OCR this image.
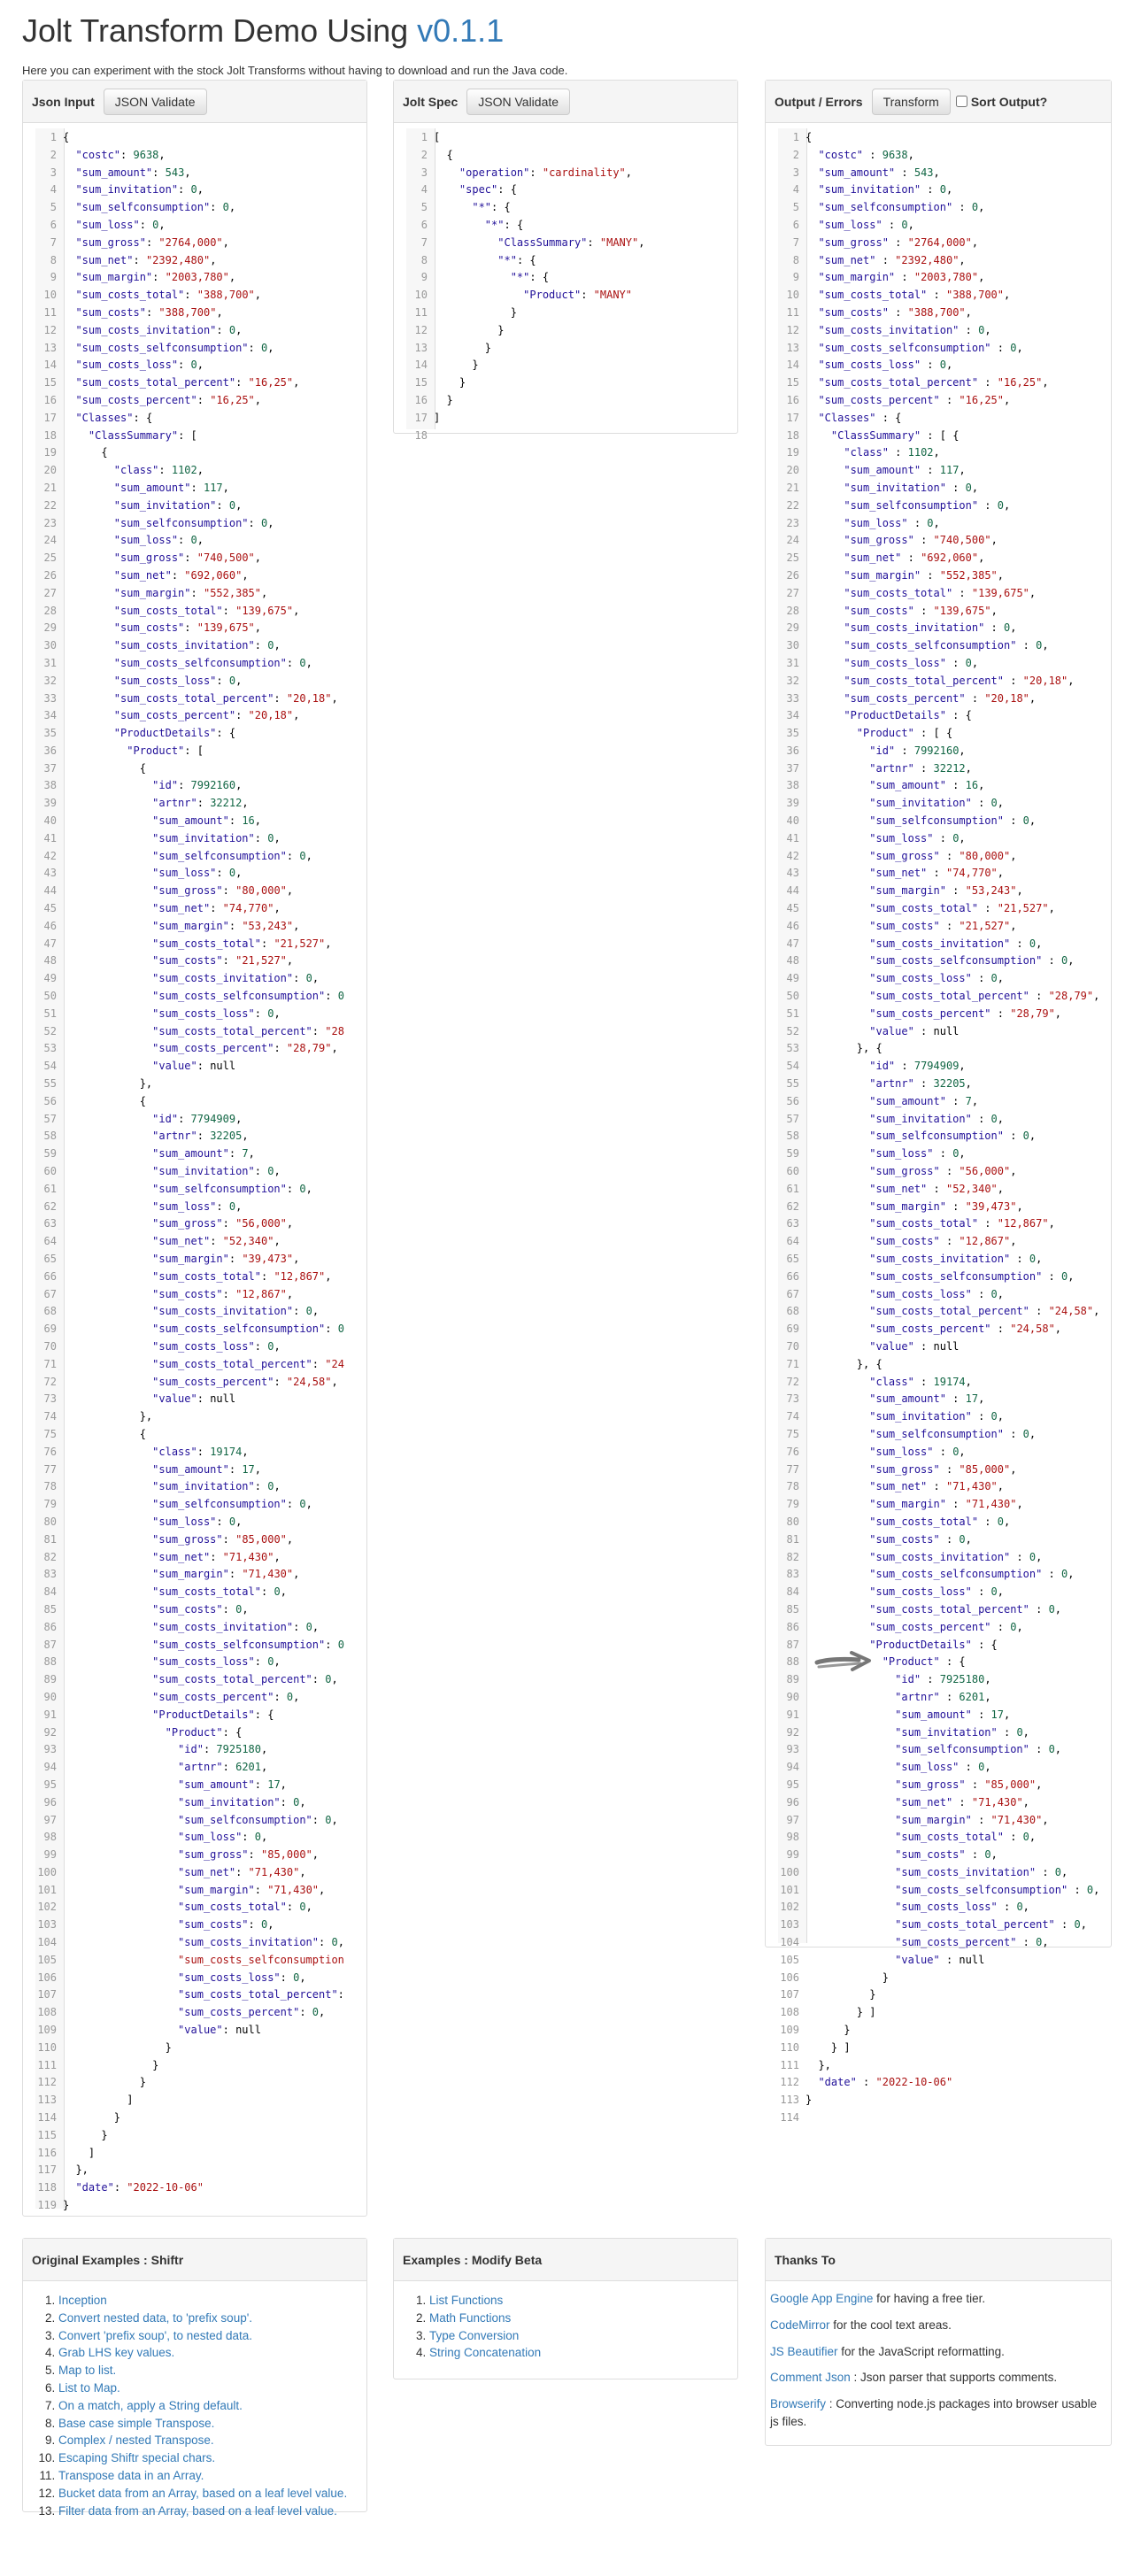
Jolt Transform Demo Using v0.1.1
Here you can experiment with the stock Jolt Transforms without having to download and run the Java code.
Json Input	JSON Validate
1 {
2	"costc": 9638,
3	"sum_amount": 543,
4	"sum_invitation": 0,
5	"sum_selfconsumption": 0,
6	"sum_loss": 0,
7	"sum_gross": "2764,000",
8	"sum_net": "2392,480",
9	"sum_margin": "2003,780",
10	"sum_costs_total": "388,700",
11	"sum_costs": "388,700",
12	"sum_costs_invitation": 0,
13	"sum_costs_selfconsumption": 0,
14	"sum_costs_loss": 0,
15	"sum_costs_total_percent": "16,25",
16	"sum_costs_percent": "16,25",
17	"Classes": {
18	"ClassSummary": [
19 {
20	"class": 1102,
21	"sum_amount": 117,
22	"sum_invitation": 0,
23	"sum_selfconsumption": 0,
24	"sum_loss": 0,
25	"sum_gross": "740,500",
26	"sum_net": "692,060",
27	"sum_margin": "552,385",
28	"sum_costs_total": "139,675",
29	"sum_costs": "139,675",
30	"sum_costs_invitation": 0,
31	"sum_costs_selfconsumption": 0,
32	"sum_costs_loss": 0,
33	"sum_costs_total_percent": "20,18",
34	"sum_costs_percent": "20,18",
35	"ProductDetails": {
36	"Product": [
37 {
38	"id": 7992160,
39	"artnr": 32212,
40	"sum_amount": 16,
41	"sum_invitation": 0,
42	"sum_selfconsumption": 0,
43	"sum_loss": 0,
44	"sum_gross": "80,000",
45	"sum_net": "74,770",
46	"sum_margin": "53,243",
47	"sum_costs_total": "21,527",
48	"sum_costs": "21,527",
49	"sum_costs_invitation": 0,
50	"sum_costs_selfconsumption": 0
51	"sum_costs_loss": 0,
52	"sum_costs_total_percent": "28
53	"sum_costs_percent": "28,79",
54	"value": null
55 },
56 {
57	"id": 7794909,
58	"artnr": 32205,
59	"sum_amount": 7,
60	"sum_invitation": 0,
61	"sum_selfconsumption": 0,
62	"sum_loss": 0,
63	"sum_gross": "56,000",
64	"sum_net": "52,340",
65	"sum_margin": "39,473",
66	"sum_costs_total": "12,867",
67	"sum_costs": "12,867",
68	"sum_costs_invitation": 0,
69	"sum_costs_selfconsumption": 0
70	"sum_costs_loss": 0,
71	"sum_costs_total_percent": "24
72	"sum_costs_percent": "24,58",
73	"value": null
74 },
75 {
76	"class": 19174,
77	"sum_amount": 17,
78	"sum_invitation": 0,
79	"sum_selfconsumption": 0,
80	"sum_loss": 0,
81	"sum_gross": "85,000",
82	"sum_net": "71,430",
83	"sum_margin": "71,430",
84	"sum_costs_total": 0,
85	"sum_costs": 0,
86	"sum_costs_invitation": 0,
87	"sum_costs_selfconsumption": 0
88	"sum_costs_loss": 0,
89	"sum_costs_total_percent": 0,
90	"sum_costs_percent": 0,
91	"ProductDetails": {
92	"Product": {
93	"id": 7925180,
94	"artnr": 6201,
95	"sum_amount": 17,
96	"sum_invitation": 0,
97	"sum_selfconsumption": 0,
98	"sum_loss": 0,
99	"sum_gross": "85,000",
100	"sum_net": "71,430",
101	"sum_margin": "71,430",
102	"sum_costs_total": 0,
103	"sum_costs": 0,
104	"sum_costs_invitation": 0,
105	"sum_costs_selfconsumption
106	"sum_costs_loss": 0,
107	"sum_costs_total_percent":
108	"sum_costs_percent": 0,
109	"value": null
110 }
111 }
112 }
113 ]
114 }
115 }
116 ]
117 },
118	"date": "2022-10-06"
119 }
Jolt Spec	JSON Validate
1 [
2 {
3	"operation": "cardinality",
4	"spec": {
5	"*": {
6	"*": {
7	"ClassSummary": "MANY",
8	"*": {
9	"*": {
10	"Product": "MANY"
11 }
12 }
13 }
14 }
15 }
16 }
17 ]
18
Output / Errors	Transform	Sort Output?
1 {
2	"costc" : 9638,
3	"sum_amount" : 543,
4	"sum_invitation" : 0,
5	"sum_selfconsumption" : 0,
6	"sum_loss" : 0,
7	"sum_gross" : "2764,000",
8	"sum_net" : "2392,480",
9	"sum_margin" : "2003,780",
10	"sum_costs_total" : "388,700",
11	"sum_costs" : "388,700",
12	"sum_costs_invitation" : 0,
13	"sum_costs_selfconsumption" : 0,
14	"sum_costs_loss" : 0,
15	"sum_costs_total_percent" : "16,25",
16	"sum_costs_percent" : "16,25",
17	"Classes" : {
18	"ClassSummary" : [ {
19	"class" : 1102,
20	"sum_amount" : 117,
21	"sum_invitation" : 0,
22	"sum_selfconsumption" : 0,
23	"sum_loss" : 0,
24	"sum_gross" : "740,500",
25	"sum_net" : "692,060",
26	"sum_margin" : "552,385",
27	"sum_costs_total" : "139,675",
28	"sum_costs" : "139,675",
29	"sum_costs_invitation" : 0,
30	"sum_costs_selfconsumption" : 0,
31	"sum_costs_loss" : 0,
32	"sum_costs_total_percent" : "20,18",
33	"sum_costs_percent" : "20,18",
34	"ProductDetails" : {
35	"Product" : [ {
36	"id" : 7992160,
37	"artnr" : 32212,
38	"sum_amount" : 16,
39	"sum_invitation" : 0,
40	"sum_selfconsumption" : 0,
41	"sum_loss" : 0,
42	"sum_gross" : "80,000",
43	"sum_net" : "74,770",
44	"sum_margin" : "53,243",
45	"sum_costs_total" : "21,527",
46	"sum_costs" : "21,527",
47	"sum_costs_invitation" : 0,
48	"sum_costs_selfconsumption" : 0,
49	"sum_costs_loss" : 0,
50	"sum_costs_total_percent" : "28,79",
51	"sum_costs_percent" : "28,79",
52	"value" : null
53 }, {
54	"id" : 7794909,
55	"artnr" : 32205,
56	"sum_amount" : 7,
57	"sum_invitation" : 0,
58	"sum_selfconsumption" : 0,
59	"sum_loss" : 0,
60	"sum_gross" : "56,000",
61	"sum_net" : "52,340",
62	"sum_margin" : "39,473",
63	"sum_costs_total" : "12,867",
64	"sum_costs" : "12,867",
65	"sum_costs_invitation" : 0,
66	"sum_costs_selfconsumption" : 0,
67	"sum_costs_loss" : 0,
68	"sum_costs_total_percent" : "24,58",
69	"sum_costs_percent" : "24,58",
70	"value" : null
71 }, {
72	"class" : 19174,
73	"sum_amount" : 17,
74	"sum_invitation" : 0,
75	"sum_selfconsumption" : 0,
76	"sum_loss" : 0,
77	"sum_gross" : "85,000",
78	"sum_net" : "71,430",
79	"sum_margin" : "71,430",
80	"sum_costs_total" : 0,
81	"sum_costs" : 0,
82	"sum_costs_invitation" : 0,
83	"sum_costs_selfconsumption" : 0,
84	"sum_costs_loss" : 0,
85	"sum_costs_total_percent" : 0,
86	"sum_costs_percent" : 0,
87	"ProductDetails" : {
88	"Product" : {
89	"id" : 7925180,
90	"artnr" : 6201,
91	"sum_amount" : 17,
92	"sum_invitation" : 0,
93	"sum_selfconsumption" : 0,
94	"sum_loss" : 0,
95	"sum_gross" : "85,000",
96	"sum_net" : "71,430",
97	"sum_margin" : "71,430",
98	"sum_costs_total" : 0,
99	"sum_costs" : 0,
100	"sum_costs_invitation" : 0,
101	"sum_costs_selfconsumption" : 0,
102	"sum_costs_loss" : 0,
103	"sum_costs_total_percent" : 0,
104	"sum_costs_percent" : 0,
105	"value" : null
106 }
107 }
108 } ]
109 }
110 } ]
111 },
112	"date" : "2022-10-06"
113 }
114
Original Examples : Shiftr
1. Inception
2. Convert nested data, to 'prefix soup'.
3. Convert 'prefix soup', to nested data.
4. Grab LHS key values.
5. Map to list.
6. List to Map.
7. On a match, apply a String default.
8. Base case simple Transpose.
9. Complex / nested Transpose.
10. Escaping Shiftr special chars.
11. Transpose data in an Array.
12. Bucket data from an Array, based on a leaf level value.
13. Filter data from an Array, based on a leaf level value.
Examples : Modify Beta
1. List Functions
2. Math Functions
3. Type Conversion
4. String Concatenation
Thanks To

Google App Engine for having a free tier.

CodeMirror for the cool text areas.

JS Beautifier for the JavaScript reformatting.

Comment Json : Json parser that supports comments.

Browserify : Converting node.js packages into browser usable js files.
